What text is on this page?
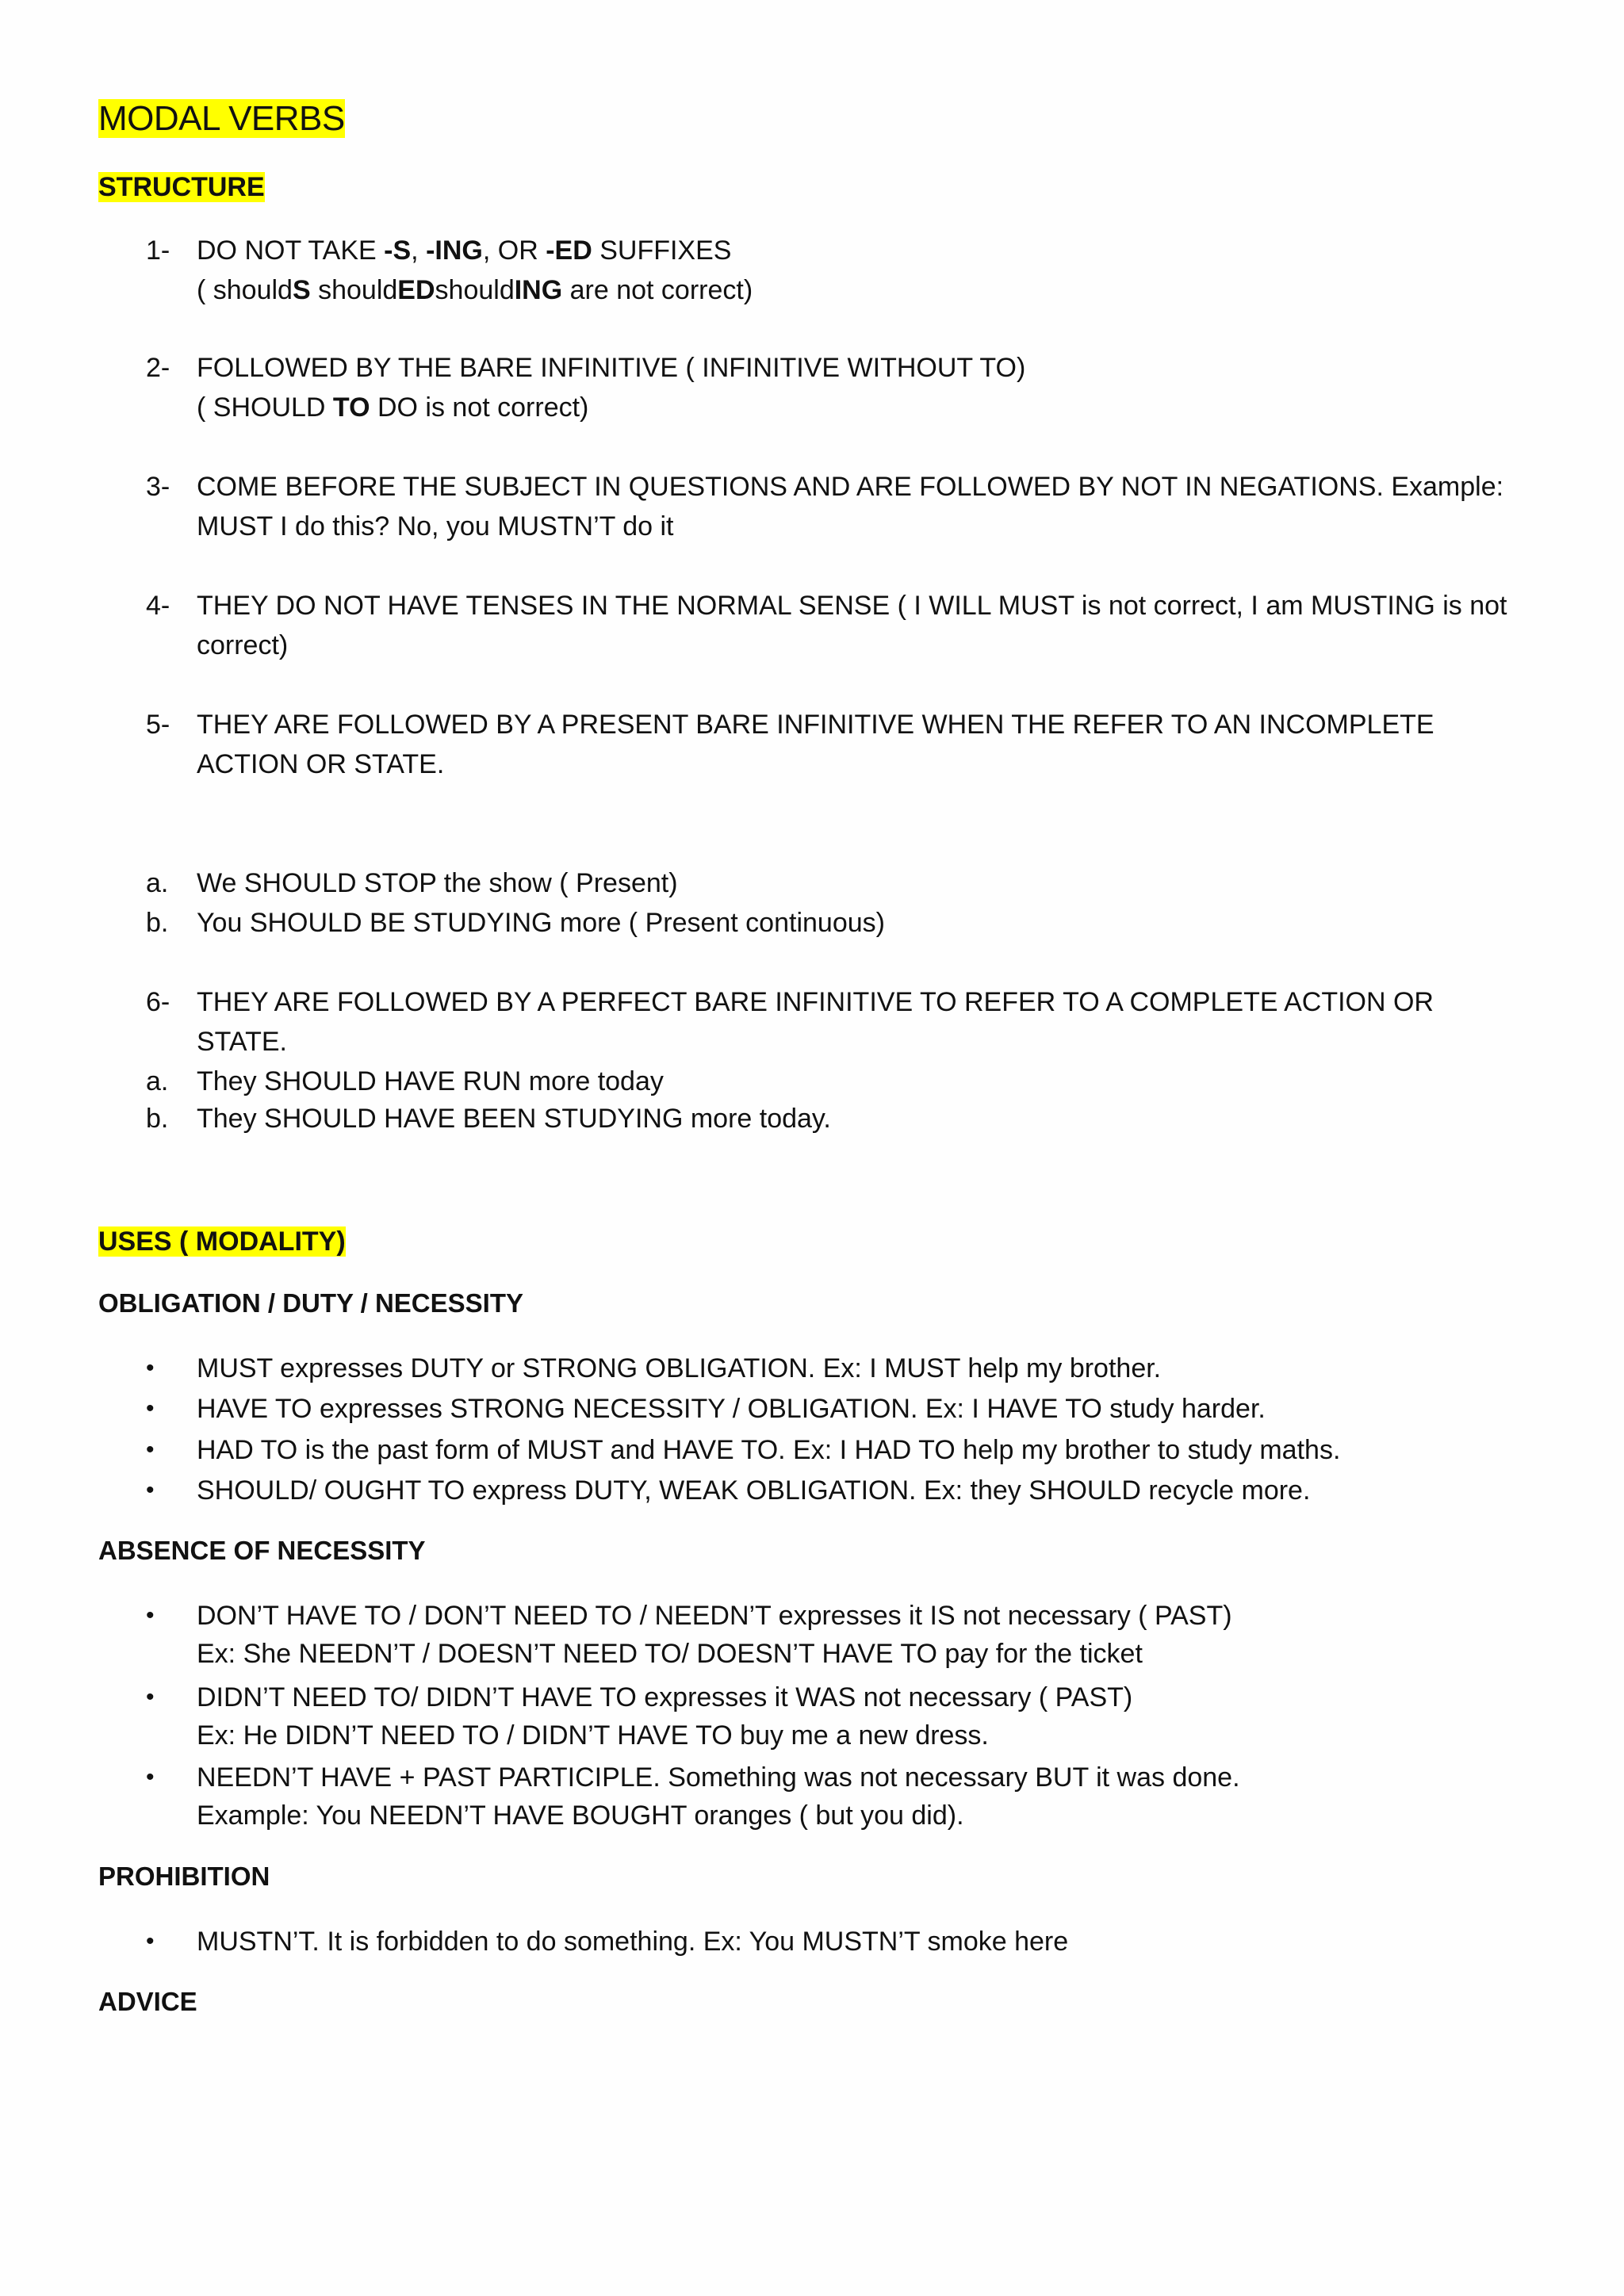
MODAL VERBS
STRUCTURE
1- DO NOT TAKE -S, -ING, OR -ED SUFFIXES
( shouldS shouldEDshouldING are not correct)
2- FOLLOWED BY THE BARE INFINITIVE ( INFINITIVE WITHOUT TO)
( SHOULD TO DO is not correct)
3- COME BEFORE THE SUBJECT IN QUESTIONS AND ARE FOLLOWED BY NOT IN NEGATIONS. Example: MUST I do this? No, you MUSTN’T do it
4- THEY DO NOT HAVE TENSES IN THE NORMAL SENSE ( I WILL MUST is not correct, I am MUSTING is not correct)
5- THEY ARE FOLLOWED BY A PRESENT BARE INFINITIVE WHEN THE REFER TO AN INCOMPLETE ACTION OR STATE.
a.	We SHOULD STOP the show ( Present)
b.	You SHOULD BE STUDYING more ( Present continuous)
6- THEY ARE FOLLOWED BY A PERFECT BARE INFINITIVE TO REFER TO A COMPLETE ACTION OR STATE.
a.	They SHOULD HAVE RUN more today
b.	They SHOULD HAVE BEEN STUDYING more today.
USES ( MODALITY)
OBLIGATION / DUTY / NECESSITY
•	MUST expresses DUTY or STRONG OBLIGATION. Ex: I MUST help my brother.
•	HAVE TO expresses STRONG NECESSITY / OBLIGATION. Ex: I HAVE TO study harder.
•	HAD TO is the past form of MUST and HAVE TO. Ex: I HAD TO help my brother to study maths.
•	SHOULD/ OUGHT TO express DUTY, WEAK OBLIGATION. Ex: they SHOULD recycle more.
ABSENCE OF NECESSITY
•	DON’T HAVE TO / DON’T NEED TO / NEEDN’T expresses it IS not necessary ( PAST)
Ex: She NEEDN’T / DOESN’T NEED TO/ DOESN’T HAVE TO pay for the ticket
•	DIDN’T NEED TO/ DIDN’T HAVE TO expresses it WAS not necessary ( PAST)
Ex: He DIDN’T NEED TO / DIDN’T HAVE TO buy me a new dress.
•	NEEDN’T HAVE + PAST PARTICIPLE. Something was not necessary BUT it was done.
Example: You NEEDN’T HAVE BOUGHT oranges ( but you did).
PROHIBITION
•	MUSTN’T. It is forbidden to do something. Ex: You MUSTN’T smoke here
ADVICE
